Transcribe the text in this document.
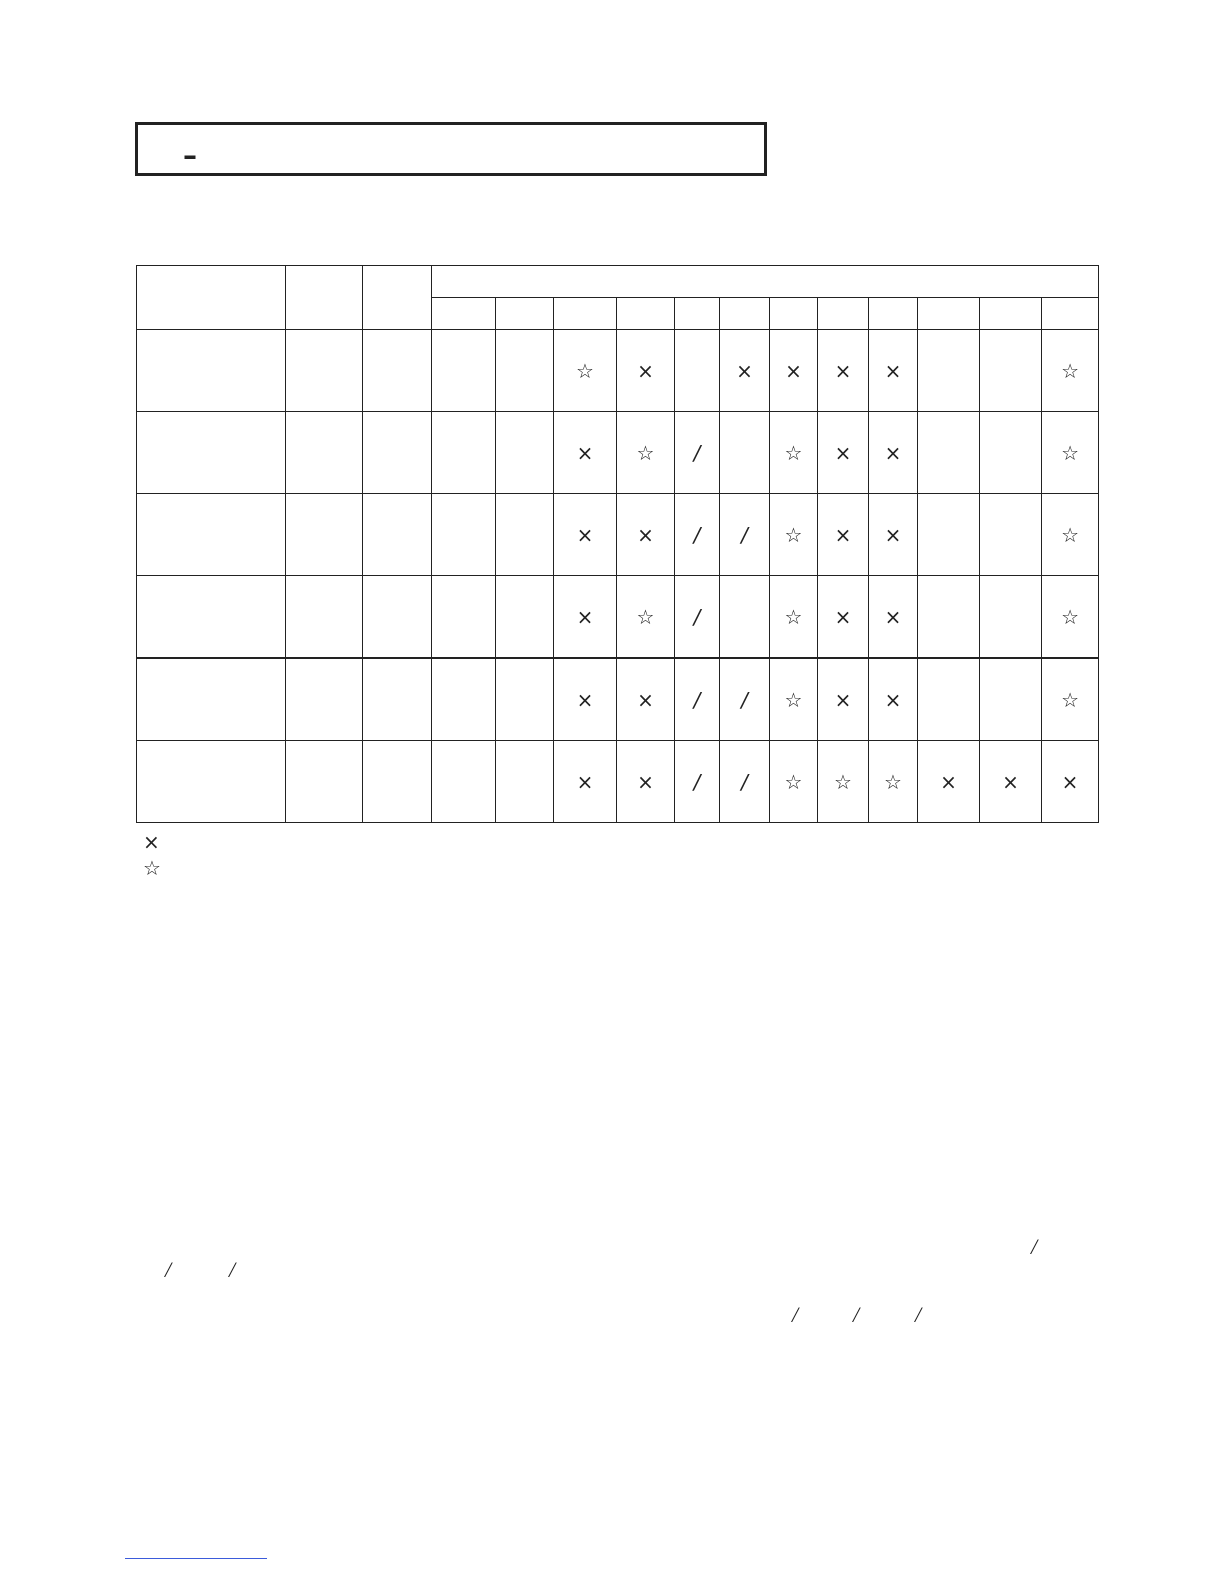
–

					☆	×		×	×	×	×			☆
					×	☆	/		☆	×	×			☆
					×	×	/	/	☆	×	×			☆
					×	☆	/		☆	×	×			☆
					×	×	/	/	☆	×	×			☆
					×	×	/	/	☆	☆	☆	×	×	×
×
☆
/
/	/
/ /	/
